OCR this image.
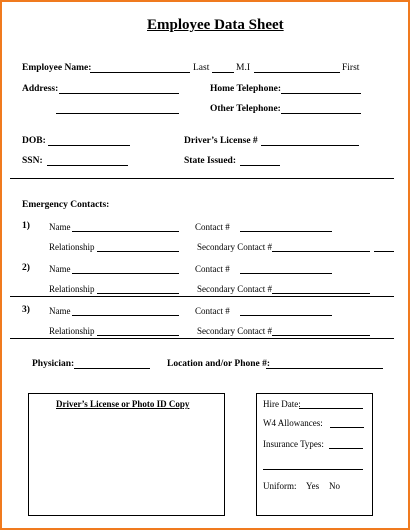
Employee Data Sheet
Employee Name:	Last	M.I	First
Address:	Home Telephone:
Other Telephone:
DOB:	Driver’s License #
SSN:	State Issued:
Emergency Contacts:
1) Name	Contact #
Relationship	Secondary Contact #
2) Name	Contact #
Relationship	Secondary Contact #
3) Name	Contact #
Relationship	Secondary Contact #
Physician:	Location and/or Phone #:
Driver’s License or Photo ID Copy	Hire Date:
W4 Allowances:
Insurance Types:
Uniform: Yes No
